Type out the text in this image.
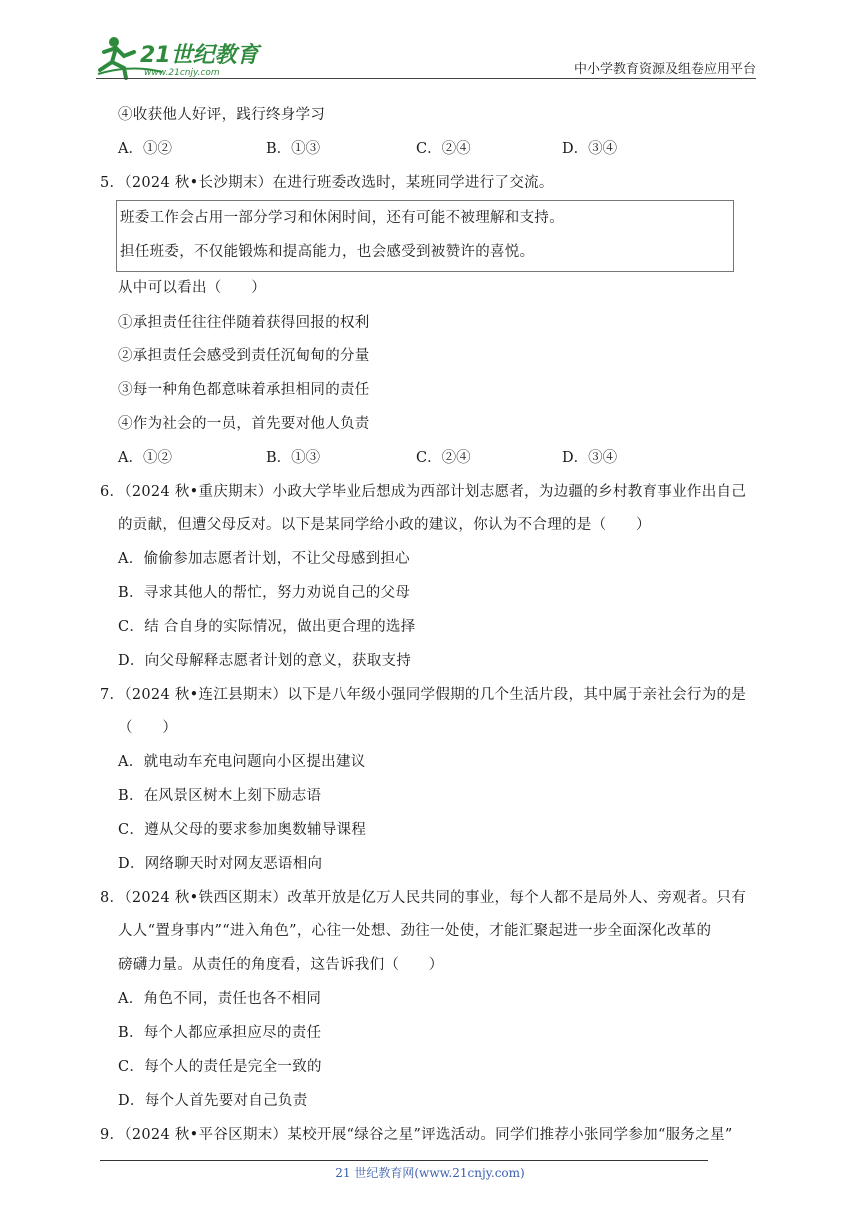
21世纪教育
www.21cnjy.com	中小学教育资源及组卷应用平台
④收获他人好评，践行终身学习
A．①②	B．①③	C．②④	D．③④
5．（2024 秋•长沙期末）在进行班委改选时，某班同学进行了交流。
班委工作会占用一部分学习和休闲时间，还有可能不被理解和支持。
担任班委，不仅能锻炼和提高能力，也会感受到被赞许的喜悦。
从中可以看出（　　）
①承担责任往往伴随着获得回报的权利
②承担责任会感受到责任沉甸甸的分量
③每一种角色都意味着承担相同的责任
④作为社会的一员，首先要对他人负责
A．①②	B．①③	C．②④	D．③④
6．（2024 秋•重庆期末）小政大学毕业后想成为西部计划志愿者，为边疆的乡村教育事业作出自己
的贡献，但遭父母反对。以下是某同学给小政的建议，你认为不合理的是（　　）
A．偷偷参加志愿者计划，不让父母感到担心
B．寻求其他人的帮忙，努力劝说自己的父母
C．结 合自身的实际情况，做出更合理的选择
D．向父母解释志愿者计划的意义，获取支持
7．（2024 秋•连江县期末）以下是八年级小强同学假期的几个生活片段，其中属于亲社会行为的是
（　　）
A．就电动车充电问题向小区提出建议
B．在风景区树木上刻下励志语
C．遵从父母的要求参加奥数辅导课程
D．网络聊天时对网友恶语相向
8．（2024 秋•铁西区期末）改革开放是亿万人民共同的事业，每个人都不是局外人、旁观者。只有
人人“置身事内”“进入角色”，心往一处想、劲往一处使，才能汇聚起进一步全面深化改革的
磅礴力量。从责任的角度看，这告诉我们（　　）
A．角色不同，责任也各不相同
B．每个人都应承担应尽的责任
C．每个人的责任是完全一致的
D．每个人首先要对自己负责
9．（2024 秋•平谷区期末）某校开展“绿谷之星”评选活动。同学们推荐小张同学参加“服务之星”
21 世纪教育网(www.21cnjy.com)
